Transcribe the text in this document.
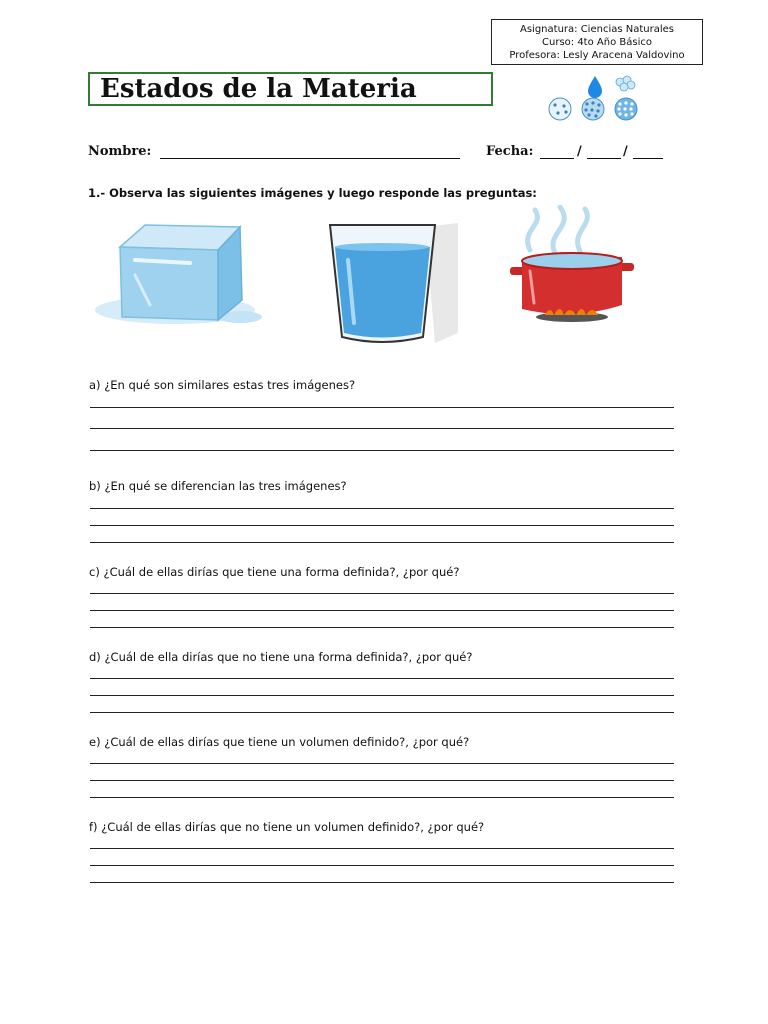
Asignatura: Ciencias Naturales
Curso: 4to Año Básico
Profesora: Lesly Aracena Valdovino
Estados de la Materia
Nombre:	Fecha:	/	/
1.- Observa las siguientes imágenes y luego responde las preguntas:
a) ¿En qué son similares estas tres imágenes?
b) ¿En qué se diferencian las tres imágenes?
c) ¿Cuál de ellas dirías que tiene una forma definida?, ¿por qué?
d) ¿Cuál de ella dirías que no tiene una forma definida?, ¿por qué?
e) ¿Cuál de ellas dirías que tiene un volumen definido?, ¿por qué?
f) ¿Cuál de ellas dirías que no tiene un volumen definido?, ¿por qué?
